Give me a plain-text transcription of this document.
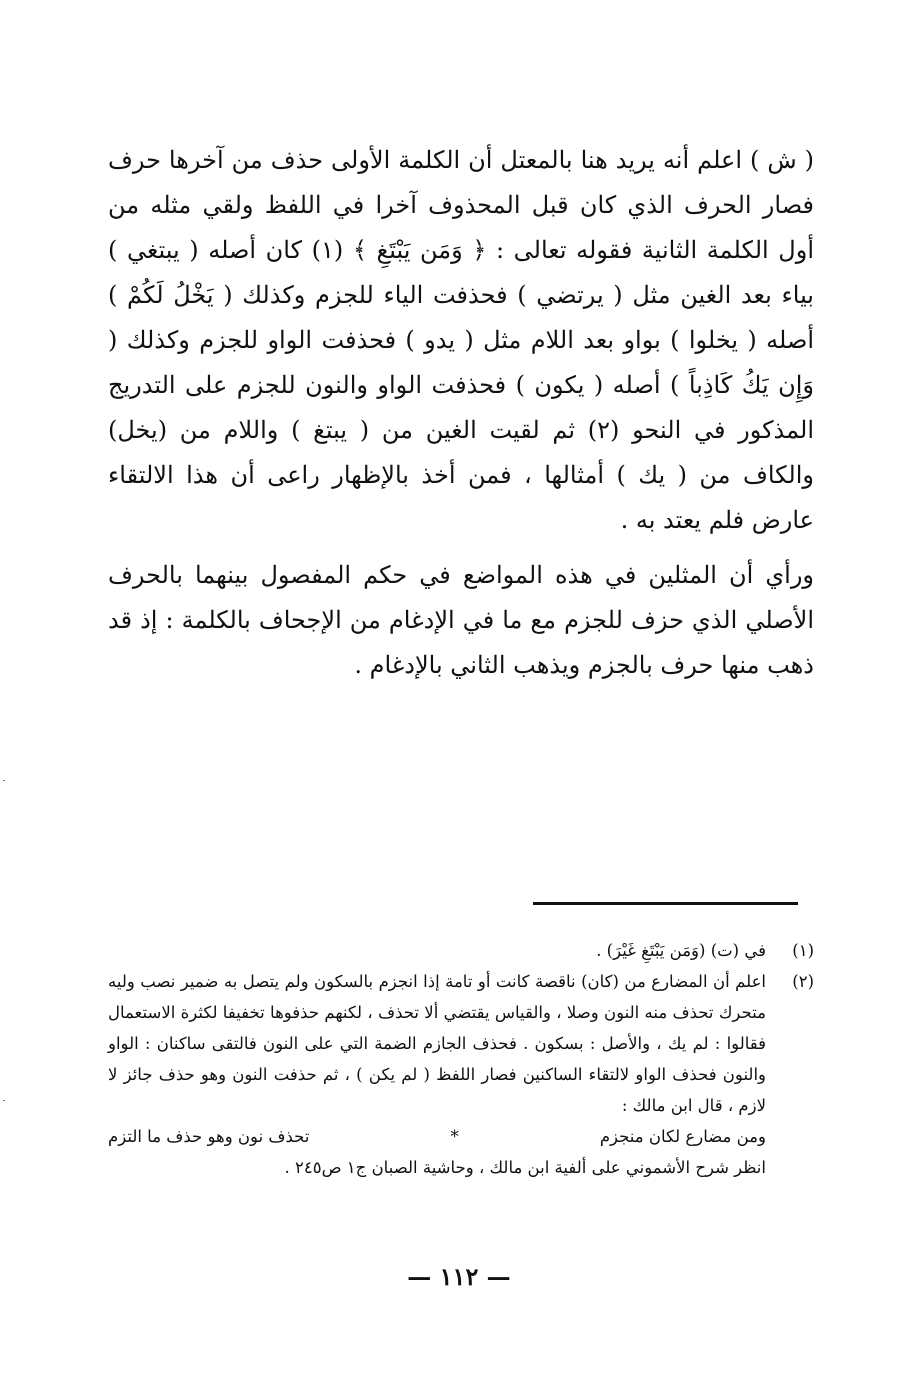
( ش ) اعلم أنه يريد هنا بالمعتل أن الكلمة الأولى حذف من آخرها حرف فصار الحرف الذي كان قبل المحذوف آخرا في اللفظ ولقي مثله من أول الكلمة الثانية فقوله تعالى : ﴿ وَمَن يَبْتَغِ ﴾ (١) كان أصله ( يبتغي ) بياء بعد الغين مثل ( يرتضي ) فحذفت الياء للجزم وكذلك ( يَخْلُ لَكُمْ ) أصله ( يخلوا ) بواو بعد اللام مثل ( يدو ) فحذفت الواو للجزم وكذلك ( وَإِن يَكُ كَاذِباً ) أصله ( يكون ) فحذفت الواو والنون للجزم على التدريج المذكور في النحو (٢) ثم لقيت الغين من ( يبتغ ) واللام من (يخل) والكاف من ( يك ) أمثالها ، فمن أخذ بالإظهار راعى أن هذا الالتقاء عارض فلم يعتد به .

ورأي أن المثلين في هذه المواضع في حكم المفصول بينهما بالحرف الأصلي الذي حزف للجزم مع ما في الإدغام من الإجحاف بالكلمة : إذ قد ذهب منها حرف بالجزم ويذهب الثاني بالإدغام .

(١)
في (ت) (وَمَن يَبْتَغِ غَيْرَ) .
(٢)
اعلم أن المضارع من (كان) ناقصة كانت أو تامة إذا انجزم بالسكون ولم يتصل به ضمير نصب وليه متحرك تحذف منه النون وصلا ، والقياس يقتضي ألا تحذف ، لكنهم حذفوها تخفيفا لكثرة الاستعمال فقالوا : لم يك ، والأصل : بسكون . فحذف الجازم الضمة التي على النون فالتقى ساكنان : الواو والنون فحذف الواو لالتقاء الساكنين فصار اللفظ ( لم يكن ) ، ثم حذفت النون وهو حذف جائز لا لازم ، قال ابن مالك :
ومن مضارع لكان منجزم
*
تحذف نون وهو حذف ما التزم
انظر شرح الأشموني على ألفية ابن مالك ، وحاشية الصبان ج١ ص٢٤٥ .
— ١١٢ —
